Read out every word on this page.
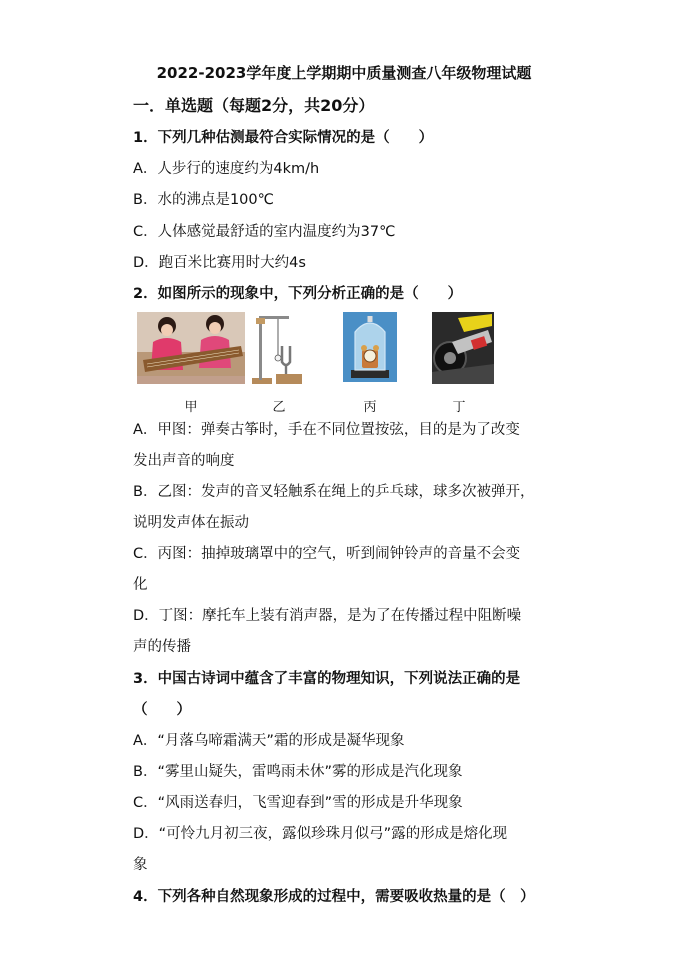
2022-2023学年度上学期期中质量测查八年级物理试题
一．单选题（每题2分，共20分）
1．下列几种估测最符合实际情况的是（　　）
A．人步行的速度约为4km/h
B．水的沸点是100℃
C．人体感觉最舒适的室内温度约为37℃
D．跑百米比赛用时大约4s
2．如图所示的现象中，下列分析正确的是（　　）
甲	乙	丙	丁
A．甲图：弹奏古筝时，手在不同位置按弦，目的是为了改变
发出声音的响度
B．乙图：发声的音叉轻触系在绳上的乒乓球，球多次被弹开，
说明发声体在振动
C．丙图：抽掉玻璃罩中的空气，听到闹钟铃声的音量不会变
化
D．丁图：摩托车上装有消声器，是为了在传播过程中阻断噪
声的传播
3．中国古诗词中蕴含了丰富的物理知识，下列说法正确的是
（　　）
A．“月落乌啼霜满天”霜的形成是凝华现象
B．“雾里山疑失，雷鸣雨未休”雾的形成是汽化现象
C．“风雨送春归，飞雪迎春到”雪的形成是升华现象
D．“可怜九月初三夜，露似珍珠月似弓”露的形成是熔化现
象
4．下列各种自然现象形成的过程中，需要吸收热量的是（　）
